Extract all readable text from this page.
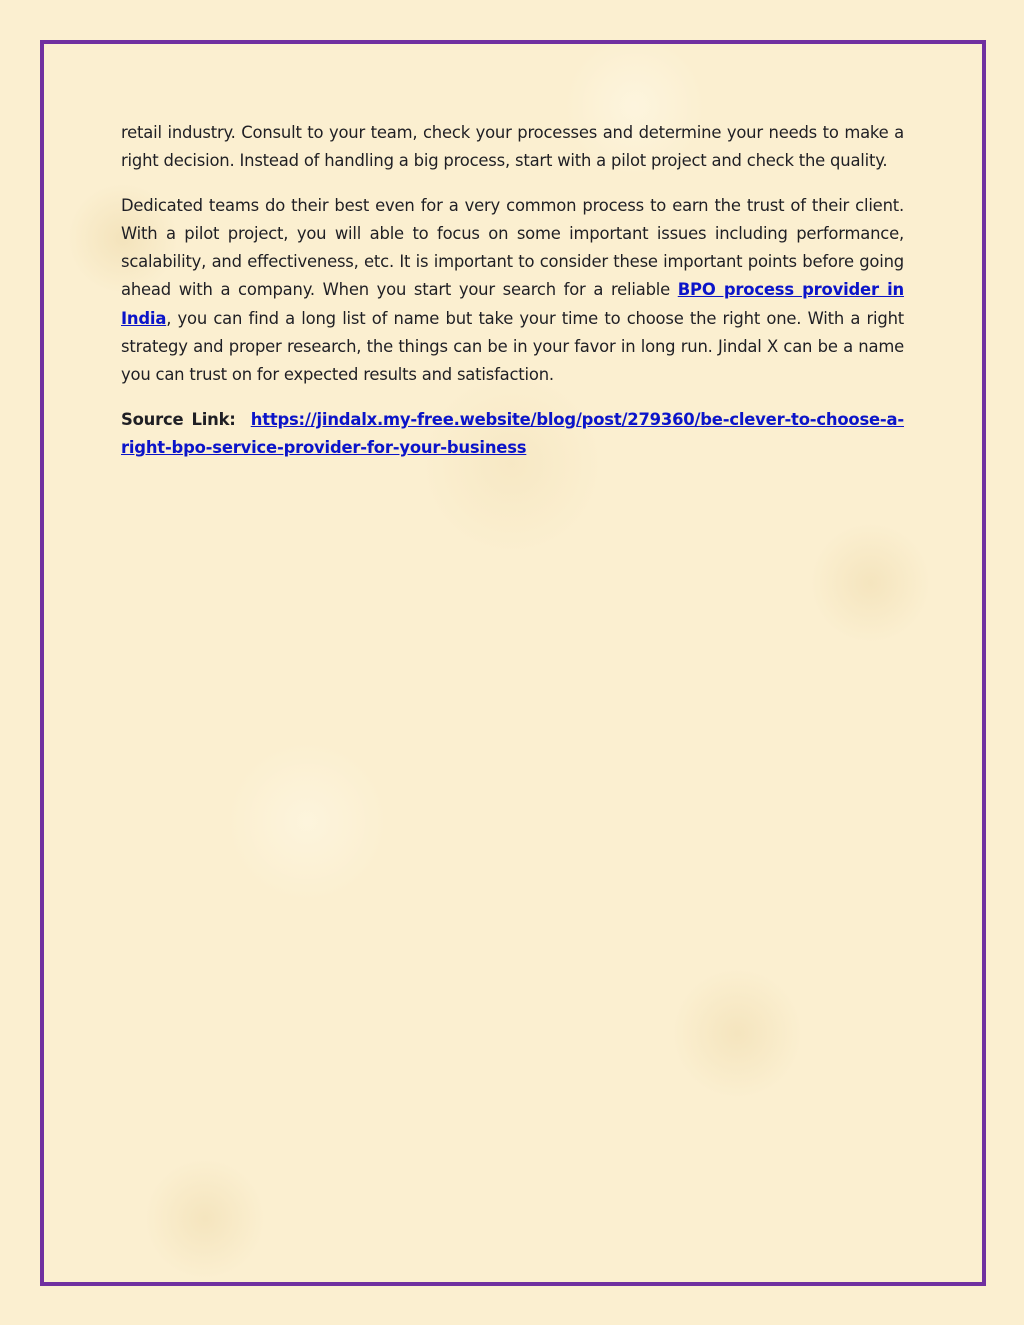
retail industry. Consult to your team, check your processes and determine your needs to make a right decision. Instead of handling a big process, start with a pilot project and check the quality.

Dedicated teams do their best even for a very common process to earn the trust of their client. With a pilot project, you will able to focus on some important issues including performance, scalability, and effectiveness, etc. It is important to consider these important points before going ahead with a company. When you start your search for a reliable BPO process provider in India, you can find a long list of name but take your time to choose the right one. With a right strategy and proper research, the things can be in your favor in long run. Jindal X can be a name you can trust on for expected results and satisfaction.

Source Link: https://jindalx.my-free.website/blog/post/279360/be-clever-to-choose-a-right-bpo-service-provider-for-your-business
